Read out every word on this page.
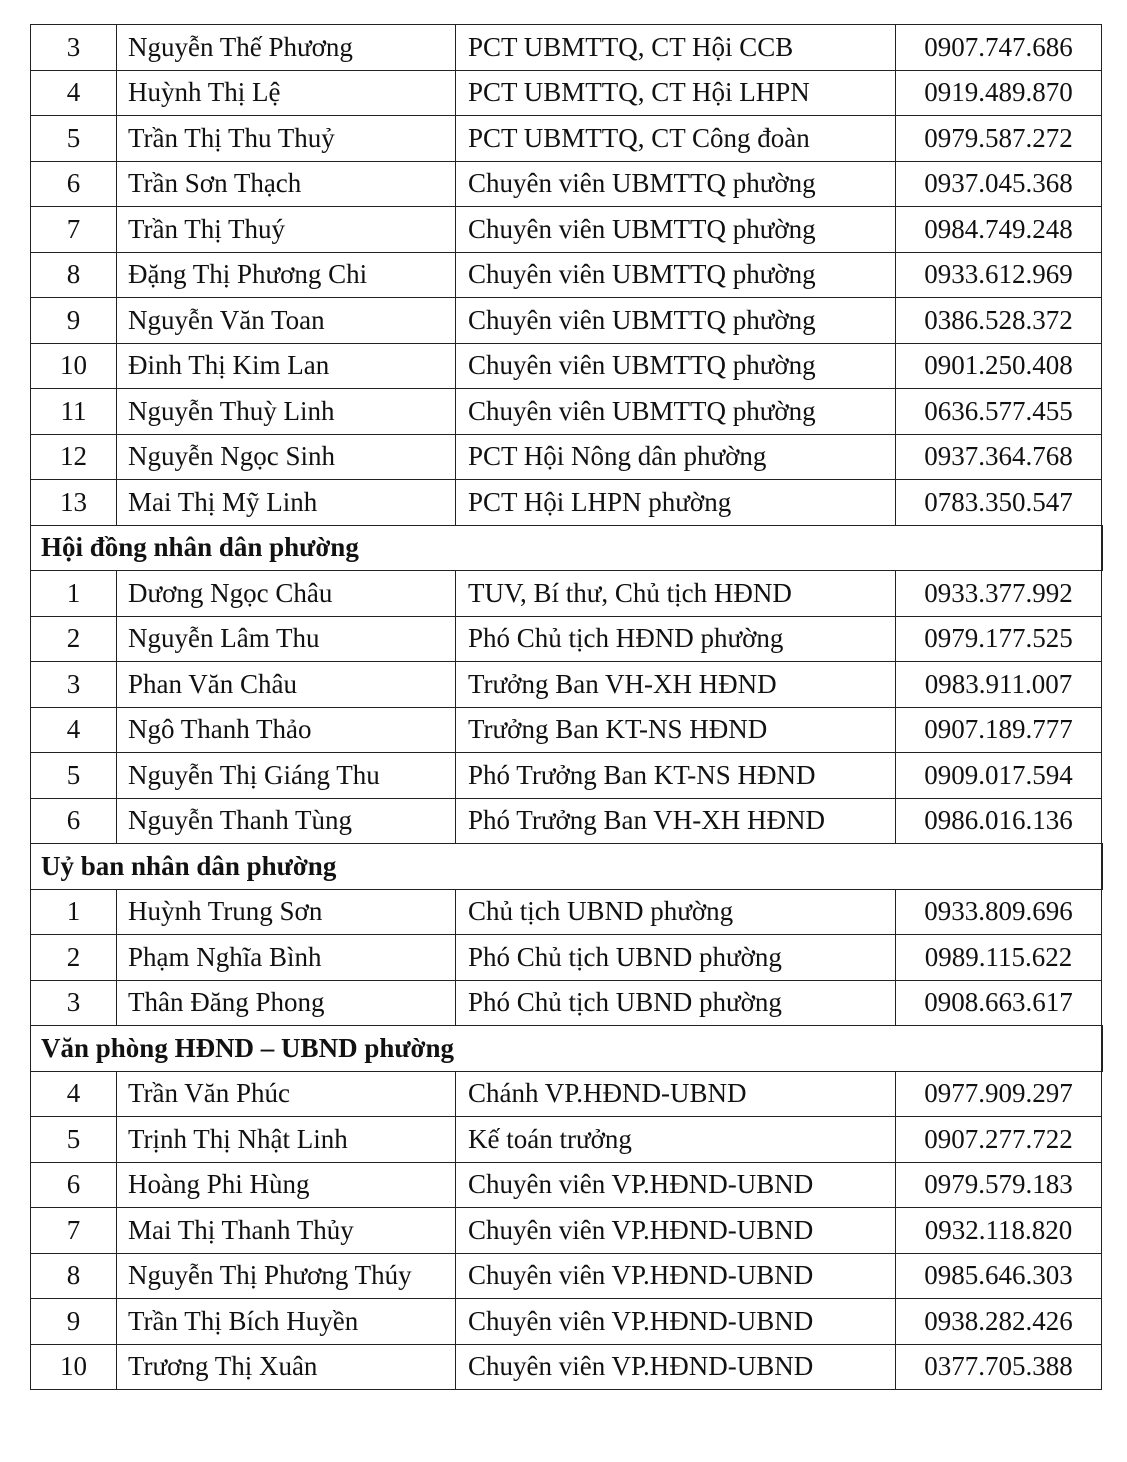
3	Nguyễn Thế Phương	PCT UBMTTQ, CT Hội CCB	0907.747.686
4	Huỳnh Thị Lệ	PCT UBMTTQ, CT Hội LHPN	0919.489.870
5	Trần Thị Thu Thuỷ	PCT UBMTTQ, CT Công đoàn	0979.587.272
6	Trần Sơn Thạch	Chuyên viên UBMTTQ phường	0937.045.368
7	Trần Thị Thuý	Chuyên viên UBMTTQ phường	0984.749.248
8	Đặng Thị Phương Chi	Chuyên viên UBMTTQ phường	0933.612.969
9	Nguyễn Văn Toan	Chuyên viên UBMTTQ phường	0386.528.372
10	Đinh Thị Kim Lan	Chuyên viên UBMTTQ phường	0901.250.408
11	Nguyễn Thuỳ Linh	Chuyên viên UBMTTQ phường	0636.577.455
12	Nguyễn Ngọc Sinh	PCT Hội Nông dân phường	0937.364.768
13	Mai Thị Mỹ Linh	PCT Hội LHPN phường	0783.350.547
Hội đồng nhân dân phường			
1	Dương Ngọc Châu	TUV, Bí thư, Chủ tịch HĐND	0933.377.992
2	Nguyễn Lâm Thu	Phó Chủ tịch HĐND phường	0979.177.525
3	Phan Văn Châu	Trưởng Ban VH-XH HĐND	0983.911.007
4	Ngô Thanh Thảo	Trưởng Ban KT-NS HĐND	0907.189.777
5	Nguyễn Thị Giáng Thu	Phó Trưởng Ban KT-NS HĐND	0909.017.594
6	Nguyễn Thanh Tùng	Phó Trưởng Ban VH-XH HĐND	0986.016.136
Uỷ ban nhân dân phường			
1	Huỳnh Trung Sơn	Chủ tịch UBND phường	0933.809.696
2	Phạm Nghĩa Bình	Phó Chủ tịch UBND phường	0989.115.622
3	Thân Đăng Phong	Phó Chủ tịch UBND phường	0908.663.617
Văn phòng HĐND – UBND phường			
4	Trần Văn Phúc	Chánh VP.HĐND-UBND	0977.909.297
5	Trịnh Thị Nhật Linh	Kế toán trưởng	0907.277.722
6	Hoàng Phi Hùng	Chuyên viên VP.HĐND-UBND	0979.579.183
7	Mai Thị Thanh Thủy	Chuyên viên VP.HĐND-UBND	0932.118.820
8	Nguyễn Thị Phương Thúy	Chuyên viên VP.HĐND-UBND	0985.646.303
9	Trần Thị Bích Huyền	Chuyên viên VP.HĐND-UBND	0938.282.426
10	Trương Thị Xuân	Chuyên viên VP.HĐND-UBND	0377.705.388
